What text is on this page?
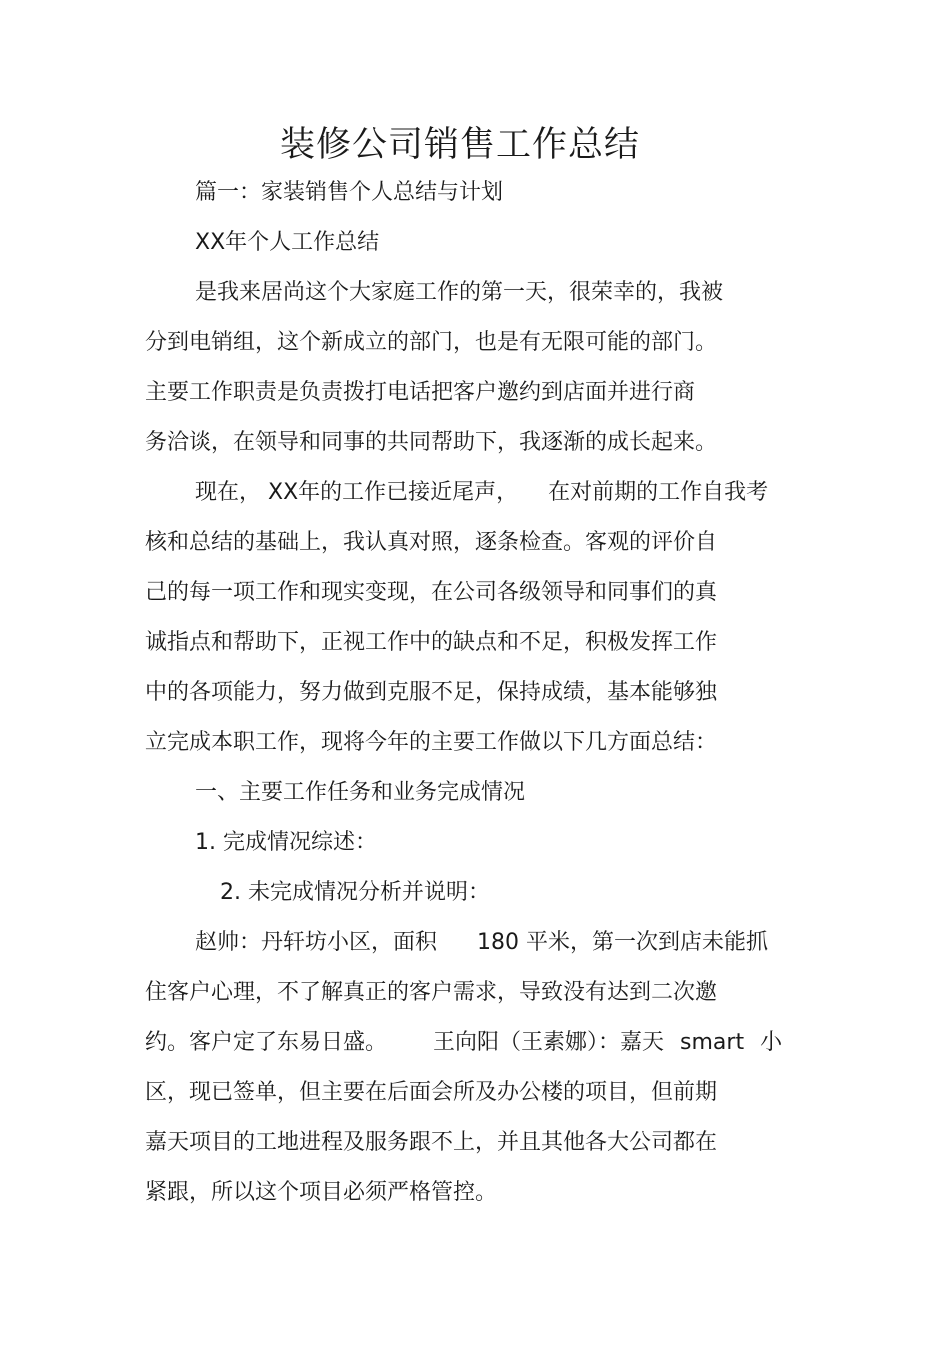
装修公司销售工作总结

篇一：家装销售个人总结与计划

XX年个人工作总结

是我来居尚这个大家庭工作的第一天，很荣幸的，我被

分到电销组，这个新成立的部门，也是有无限可能的部门。

主要工作职责是负责拨打电话把客户邀约到店面并进行商

务洽谈，在领导和同事的共同帮助下，我逐渐的成长起来。

现在， XX年的工作已接近尾声， 在对前期的工作自我考

核和总结的基础上，我认真对照，逐条检查。客观的评价自

己的每一项工作和现实变现，在公司各级领导和同事们的真

诚指点和帮助下，正视工作中的缺点和不足，积极发挥工作

中的各项能力，努力做到克服不足，保持成绩，基本能够独

立完成本职工作，现将今年的主要工作做以下几方面总结：

一、主要工作任务和业务完成情况

1. 完成情况综述：

2. 未完成情况分析并说明：

赵帅：丹轩坊小区，面积 180 平米，第一次到店未能抓

住客户心理，不了解真正的客户需求，导致没有达到二次邀

约。客户定了东易日盛。 王向阳（王素娜）：嘉天 smart 小

区，现已签单，但主要在后面会所及办公楼的项目，但前期

嘉天项目的工地进程及服务跟不上，并且其他各大公司都在

紧跟，所以这个项目必须严格管控。
